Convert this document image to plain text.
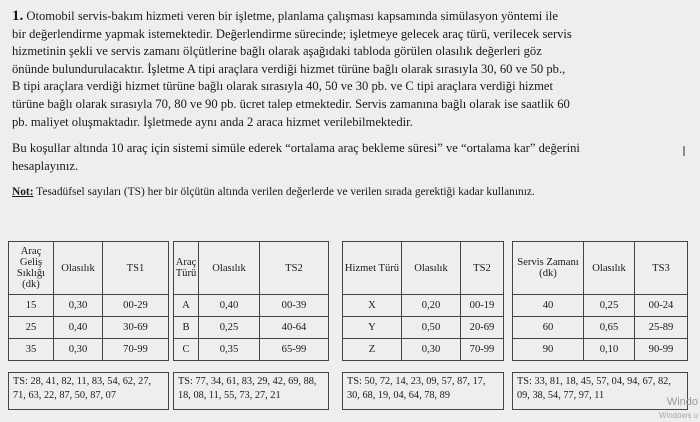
1. Otomobil servis-bakım hizmeti veren bir işletme, planlama çalışması kapsamında simülasyon yöntemi ile
bir değerlendirme yapmak istemektedir. Değerlendirme sürecinde; işletmeye gelecek araç türü, verilecek servis
hizmetinin şekli ve servis zamanı ölçütlerine bağlı olarak aşağıdaki tabloda görülen olasılık değerleri göz
önünde bulundurulacaktır. İşletme A tipi araçlara verdiği hizmet türüne bağlı olarak sırasıyla 30, 60 ve 50 pb.,
B tipi araçlara verdiği hizmet türüne bağlı olarak sırasıyla 40, 50 ve 30 pb. ve C tipi araçlara verdiği hizmet
türüne bağlı olarak sırasıyla 70, 80 ve 90 pb. ücret talep etmektedir. Servis zamanına bağlı olarak ise saatlik 60
pb. maliyet oluşmaktadır. İşletmede aynı anda 2 araca hizmet verilebilmektedir.

Bu koşullar altında 10 araç için sistemi simüle ederek “ortalama araç bekleme süresi” ve “ortalama kar” değerini
hesaplayınız.

Not: Tesadüfsel sayıları (TS) her bir ölçütün altında verilen değerlerde ve verilen sırada gerektiği kadar kullanınız.

I
Araç Geliş Sıklığı (dk)	Olasılık	TS1
15	0,30	00-29
25	0,40	30-69
35	0,30	70-99
TS: 28, 41, 82, 11, 83, 54, 62, 27, 71, 63, 22, 87, 50, 87, 07
Araç Türü	Olasılık	TS2
A	0,40	00-39
B	0,25	40-64
C	0,35	65-99
TS: 77, 34, 61, 83, 29, 42, 69, 88, 18, 08, 11, 55, 73, 27, 21
Hizmet Türü	Olasılık	TS2
X	0,20	00-19
Y	0,50	20-69
Z	0,30	70-99
TS: 50, 72, 14, 23, 09, 57, 87, 17, 30, 68, 19, 04, 64, 78, 89
Servis Zamanı (dk)	Olasılık	TS3
40	0,25	00-24
60	0,65	25-89
90	0,10	90-99
TS: 33, 81, 18, 45, 57, 04, 94, 67, 82, 09, 38, 54, 77, 97, 11
Windo
Windows u
